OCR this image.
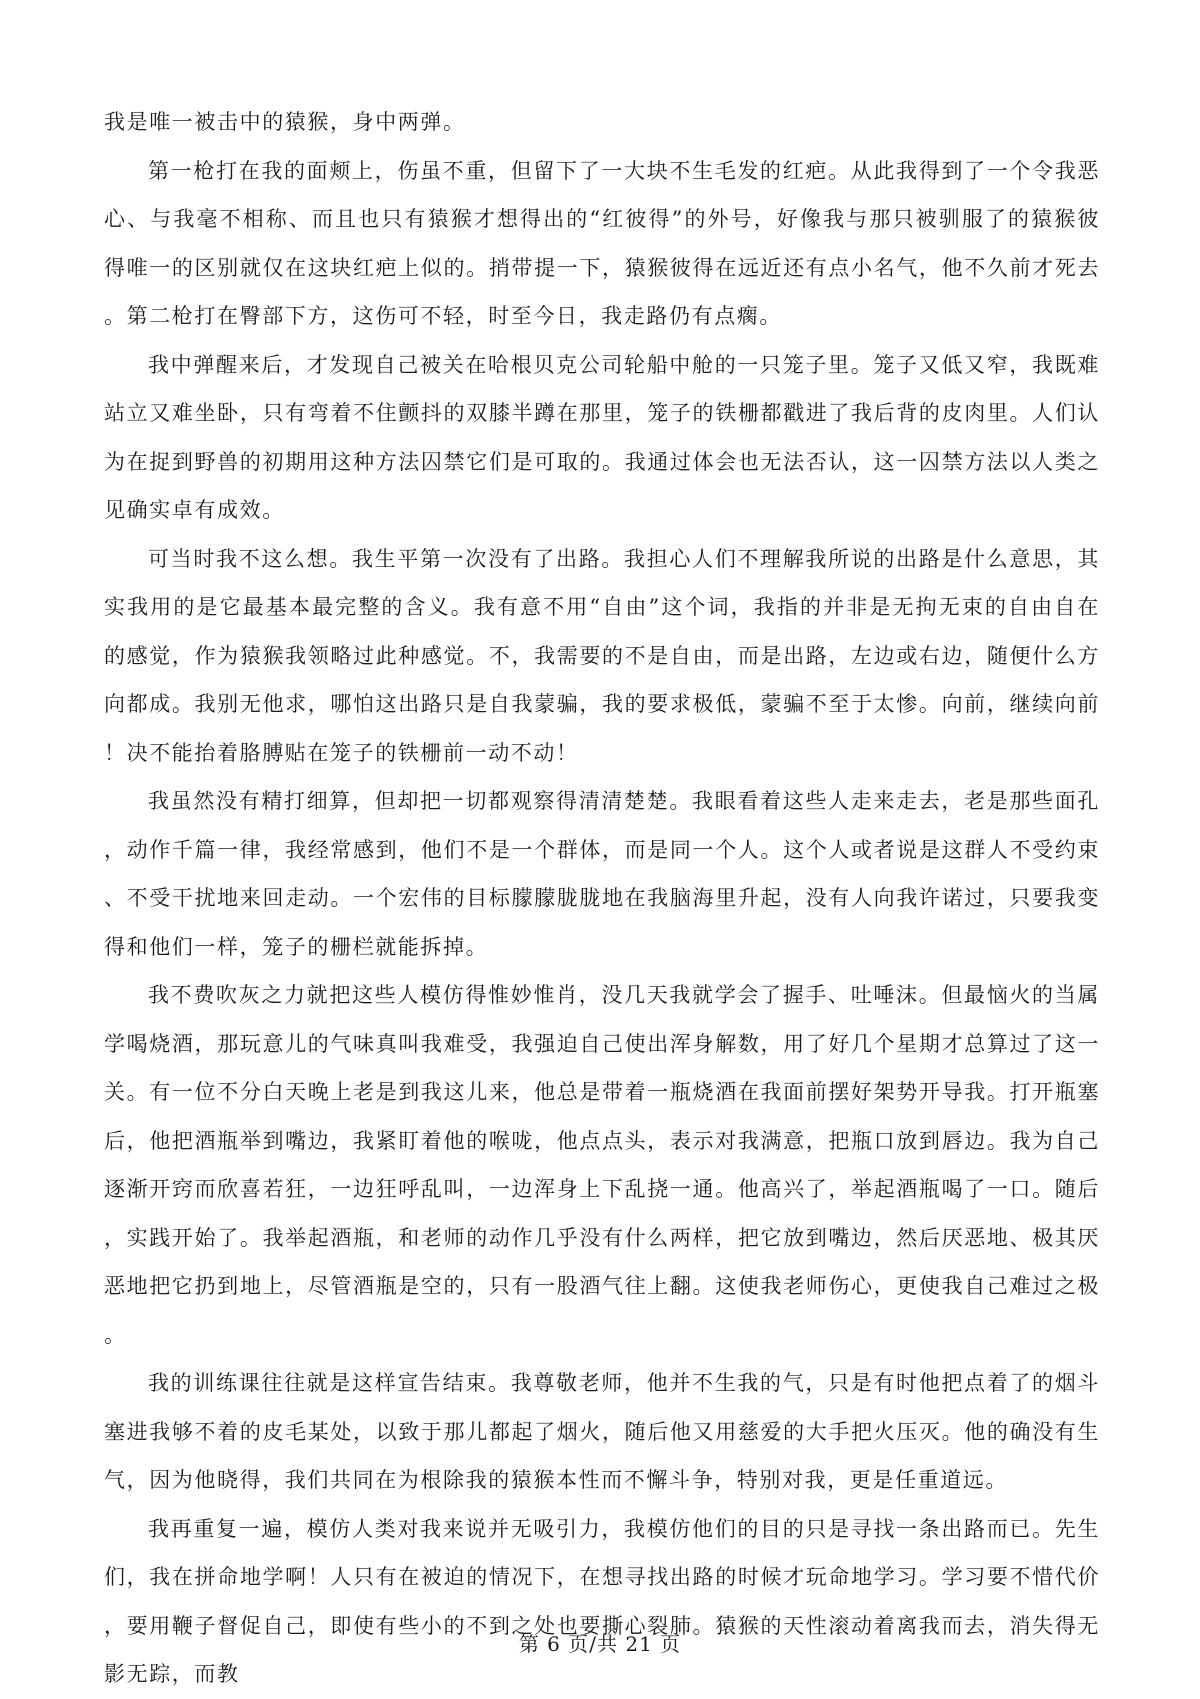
我是唯一被击中的猿猴，身中两弹。

第一枪打在我的面颊上，伤虽不重，但留下了一大块不生毛发的红疤。从此我得到了一个令我恶心、与我毫不相称、而且也只有猿猴才想得出的“红彼得”的外号，好像我与那只被驯服了的猿猴彼得唯一的区别就仅在这块红疤上似的。捎带提一下，猿猴彼得在远近还有点小名气，他不久前才死去。第二枪打在臀部下方，这伤可不轻，时至今日，我走路仍有点瘸。

我中弹醒来后，才发现自己被关在哈根贝克公司轮船中舱的一只笼子里。笼子又低又窄，我既难站立又难坐卧，只有弯着不住颤抖的双膝半蹲在那里，笼子的铁栅都戳进了我后背的皮肉里。人们认为在捉到野兽的初期用这种方法囚禁它们是可取的。我通过体会也无法否认，这一囚禁方法以人类之见确实卓有成效。

可当时我不这么想。我生平第一次没有了出路。我担心人们不理解我所说的出路是什么意思，其实我用的是它最基本最完整的含义。我有意不用“自由”这个词，我指的并非是无拘无束的自由自在的感觉，作为猿猴我领略过此种感觉。不，我需要的不是自由，而是出路，左边或右边，随便什么方向都成。我别无他求，哪怕这出路只是自我蒙骗，我的要求极低，蒙骗不至于太惨。向前，继续向前！决不能抬着胳膊贴在笼子的铁栅前一动不动！

我虽然没有精打细算，但却把一切都观察得清清楚楚。我眼看着这些人走来走去，老是那些面孔，动作千篇一律，我经常感到，他们不是一个群体，而是同一个人。这个人或者说是这群人不受约束、不受干扰地来回走动。一个宏伟的目标朦朦胧胧地在我脑海里升起，没有人向我许诺过，只要我变得和他们一样，笼子的栅栏就能拆掉。

我不费吹灰之力就把这些人模仿得惟妙惟肖，没几天我就学会了握手、吐唾沫。但最恼火的当属学喝烧酒，那玩意儿的气味真叫我难受，我强迫自己使出浑身解数，用了好几个星期才总算过了这一关。有一位不分白天晚上老是到我这儿来，他总是带着一瓶烧酒在我面前摆好架势开导我。打开瓶塞后，他把酒瓶举到嘴边，我紧盯着他的喉咙，他点点头，表示对我满意，把瓶口放到唇边。我为自己逐渐开窍而欣喜若狂，一边狂呼乱叫，一边浑身上下乱挠一通。他高兴了，举起酒瓶喝了一口。随后，实践开始了。我举起酒瓶，和老师的动作几乎没有什么两样，把它放到嘴边，然后厌恶地、极其厌恶地把它扔到地上，尽管酒瓶是空的，只有一股酒气往上翻。这使我老师伤心，更使我自己难过之极。

我的训练课往往就是这样宣告结束。我尊敬老师，他并不生我的气，只是有时他把点着了的烟斗塞进我够不着的皮毛某处，以致于那儿都起了烟火，随后他又用慈爱的大手把火压灭。他的确没有生气，因为他晓得，我们共同在为根除我的猿猴本性而不懈斗争，特别对我，更是任重道远。

我再重复一遍，模仿人类对我来说并无吸引力，我模仿他们的目的只是寻找一条出路而已。先生们，我在拼命地学啊！人只有在被迫的情况下，在想寻找出路的时候才玩命地学习。学习要不惜代价，要用鞭子督促自己，即使有些小的不到之处也要撕心裂肺。猿猴的天性滚动着离我而去，消失得无影无踪，而教

第 6 页/共 21 页
